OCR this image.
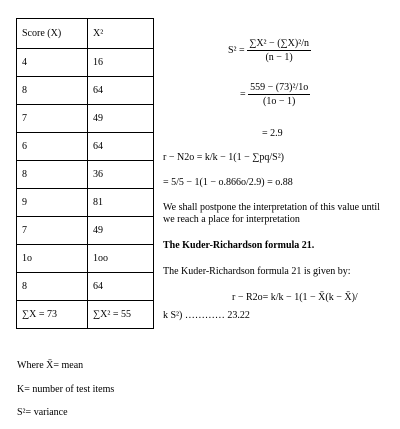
Score (X)	X²
4	16
8	64
7	49
6	64
8	36
9	81
7	49
1o	1oo
8	64
∑X = 73	∑X² = 55
Where X̄= mean
K= number of test items
S²= variance
$S^2 = \frac{\text{∑X² − (∑X)²/n}}{(n - 1)}$
= $\frac{\text{559 − (73)²/1o}}{(1o - 1)}$
= 2.9
r − N2o = k/k − 1(1 − ∑pq/S²)
= 5/5 − 1(1 − o.866o/2.9) = o.88
We shall postpone the interpretation of this value until we reach a place for interpretation
The Kuder-Richardson formula 21.
The Kuder-Richardson formula 21 is given by:
r − R2o= k/k − 1(1 − X̄(k − X̄)/
k S²) ………… 23.22
